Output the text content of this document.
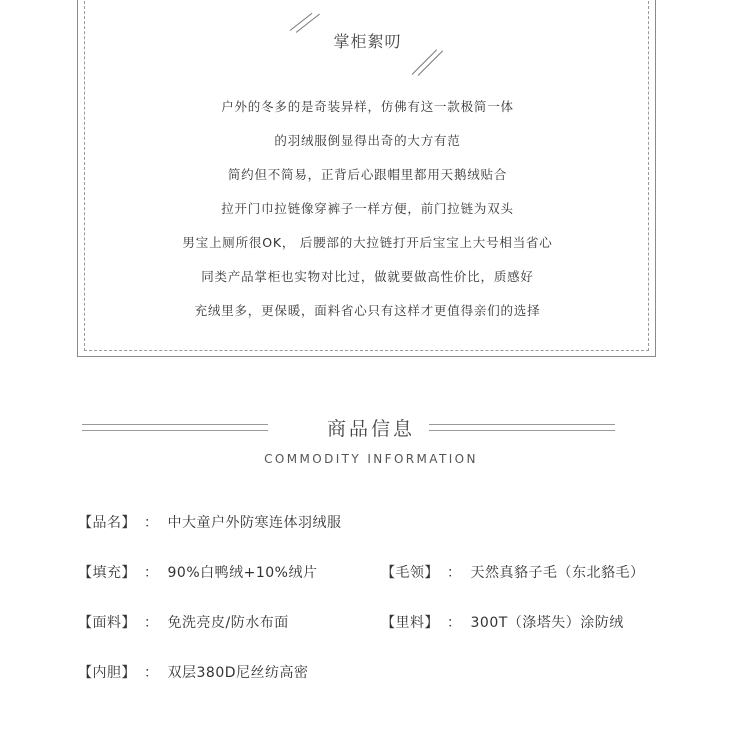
掌柜絮叨
户外的冬多的是奇装异样，仿佛有这一款极简一体
的羽绒服倒显得出奇的大方有范
简约但不简易，正背后心跟帽里都用天鹅绒贴合
拉开门巾拉链像穿裤子一样方便，前门拉链为双头
男宝上厕所很OK， 后腰部的大拉链打开后宝宝上大号相当省心
同类产品掌柜也实物对比过，做就要做高性价比，质感好
充绒里多，更保暖，面料省心只有这样才更值得亲们的选择
商品信息
COMMODITY INFORMATION
【品名】 ： 中大童户外防寒连体羽绒服
【填充】 ： 90%白鸭绒+10%绒片	【毛领】 ： 天然真貉子毛（东北貉毛）
【面料】 ： 免洗亮皮/防水布面	【里料】 ： 300T（涤塔失）涂防绒
【内胆】 ： 双层380D尼丝纺高密
